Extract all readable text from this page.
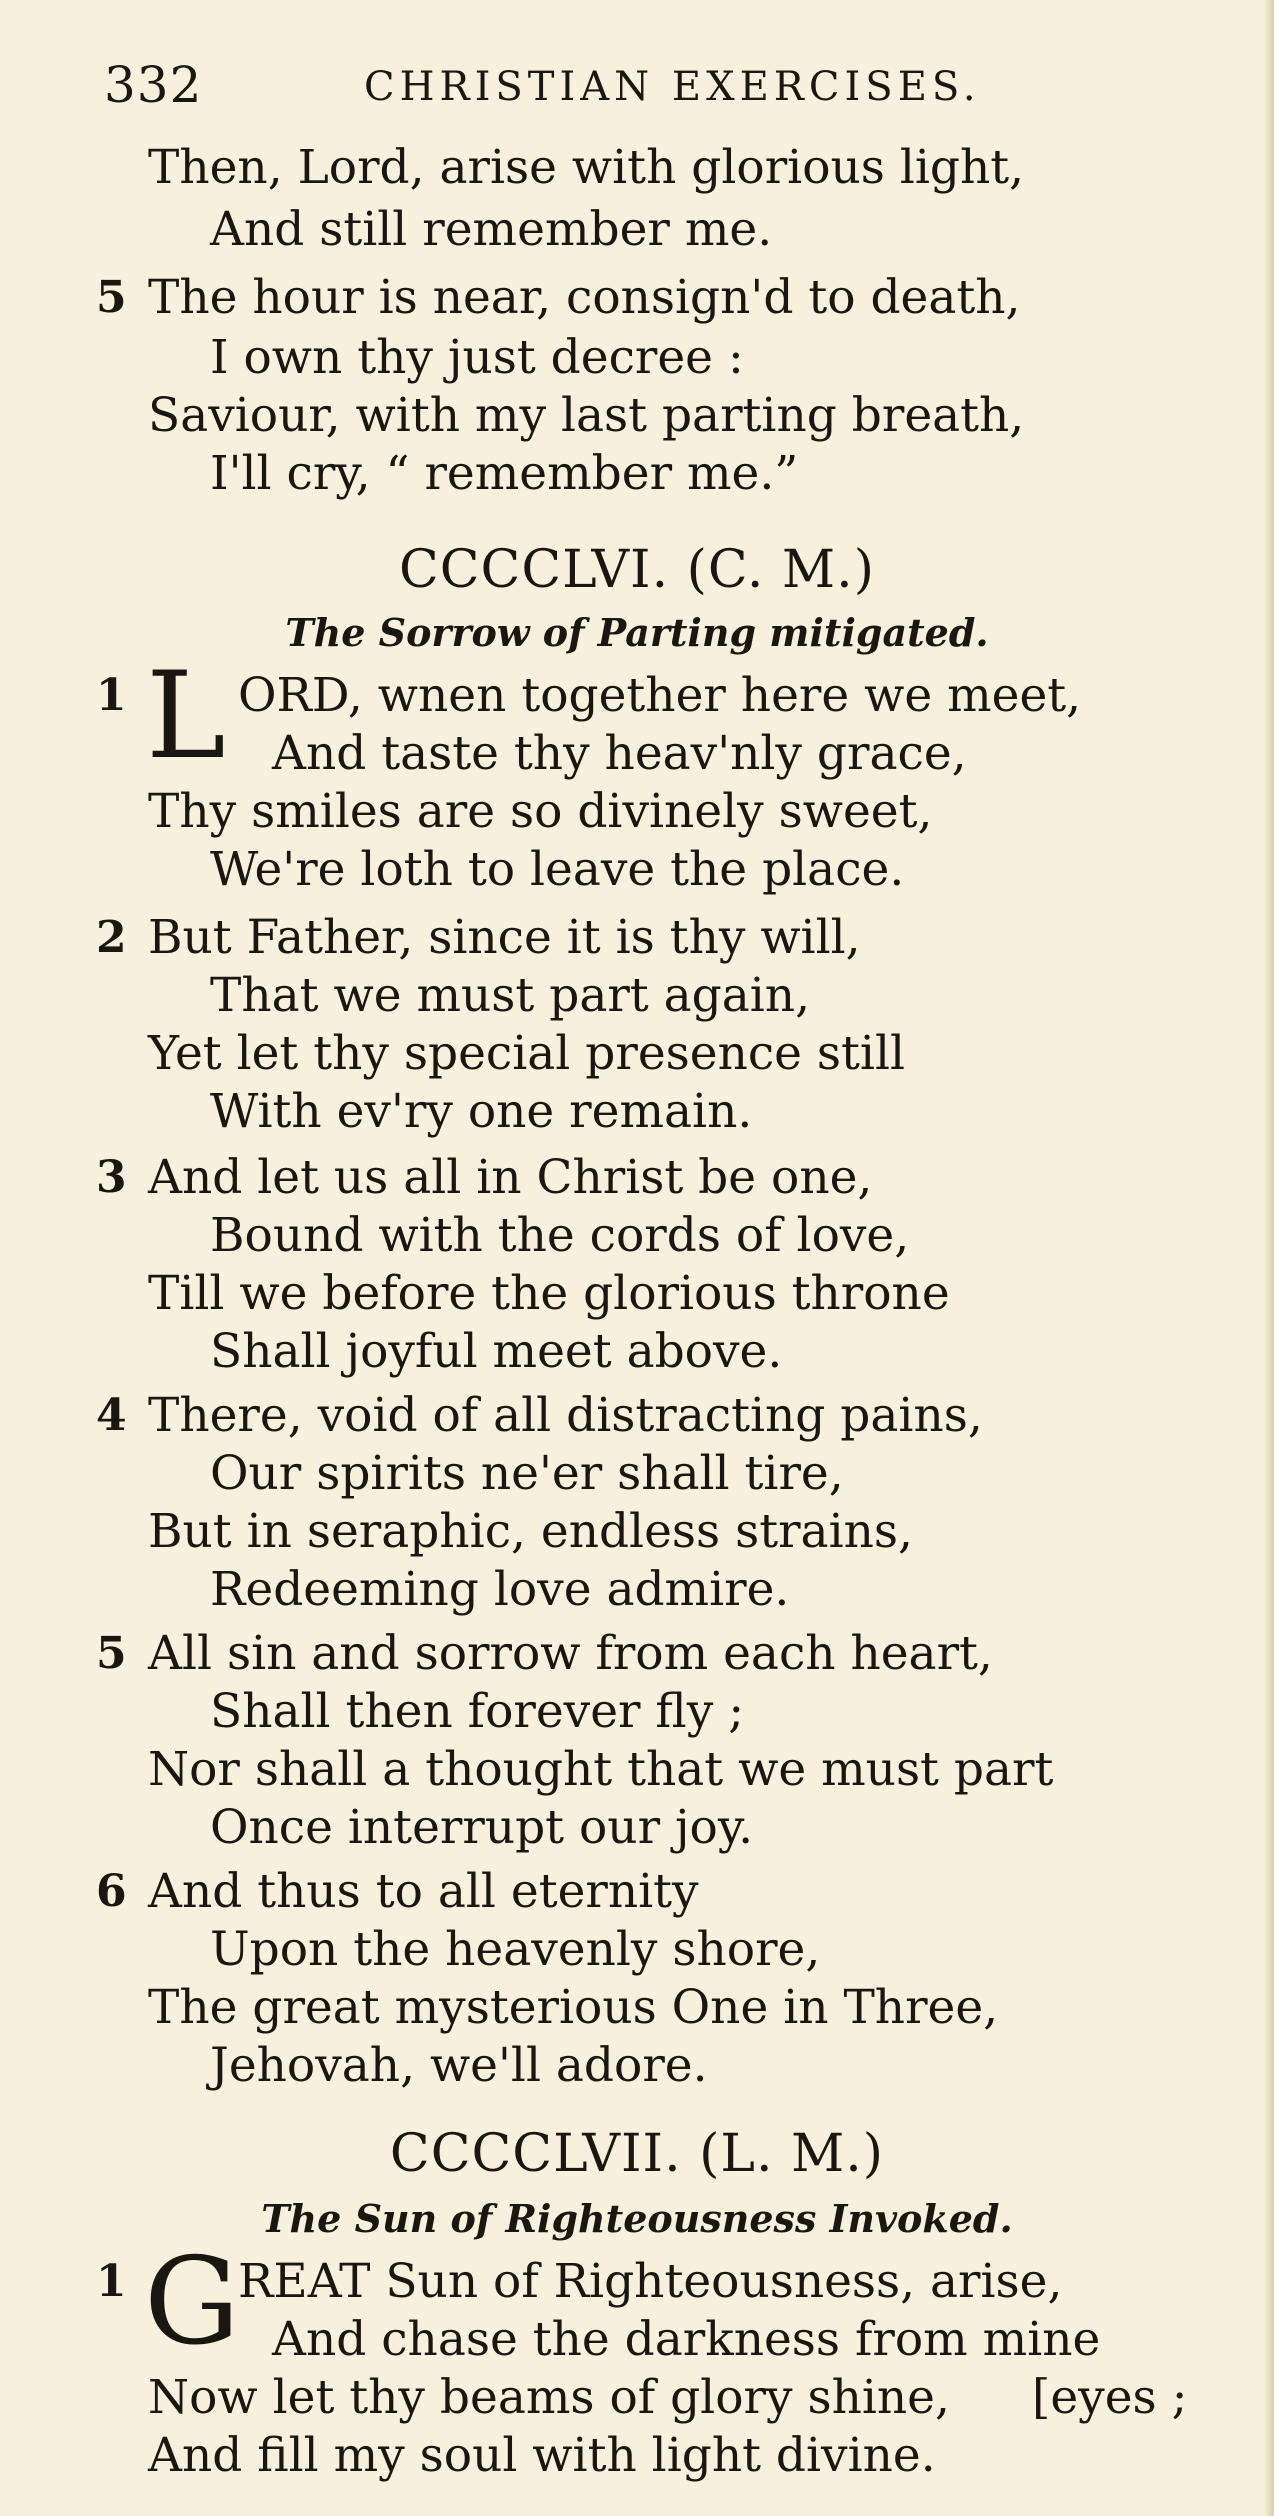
332	CHRISTIAN EXERCISES.
Then, Lord, arise with glorious light,
And still remember me.
5 The hour is near, consign'd to death,
I own thy just decree :
Saviour, with my last parting breath,
I'll cry, “ remember me.”
CCCCLVI. (C. M.)
The Sorrow of Parting mitigated.
1 L ORD, wnen together here we meet,
And taste thy heav'nly grace,
Thy smiles are so divinely sweet,
We're loth to leave the place.
2 But Father, since it is thy will,
That we must part again,
Yet let thy special presence still
With ev'ry one remain.
3 And let us all in Christ be one,
Bound with the cords of love,
Till we before the glorious throne
Shall joyful meet above.
4 There, void of all distracting pains,
Our spirits ne'er shall tire,
But in seraphic, endless strains,
Redeeming love admire.
5 All sin and sorrow from each heart,
Shall then forever fly ;
Nor shall a thought that we must part
Once interrupt our joy.
6 And thus to all eternity
Upon the heavenly shore,
The great mysterious One in Three,
Jehovah, we'll adore.
CCCCLVII. (L. M.)
The Sun of Righteousness Invoked.
1 G
REAT Sun of Righteousness, arise,
And chase the darkness from mine
Now let thy beams of glory shine, [eyes ;
And fill my soul with light divine.
